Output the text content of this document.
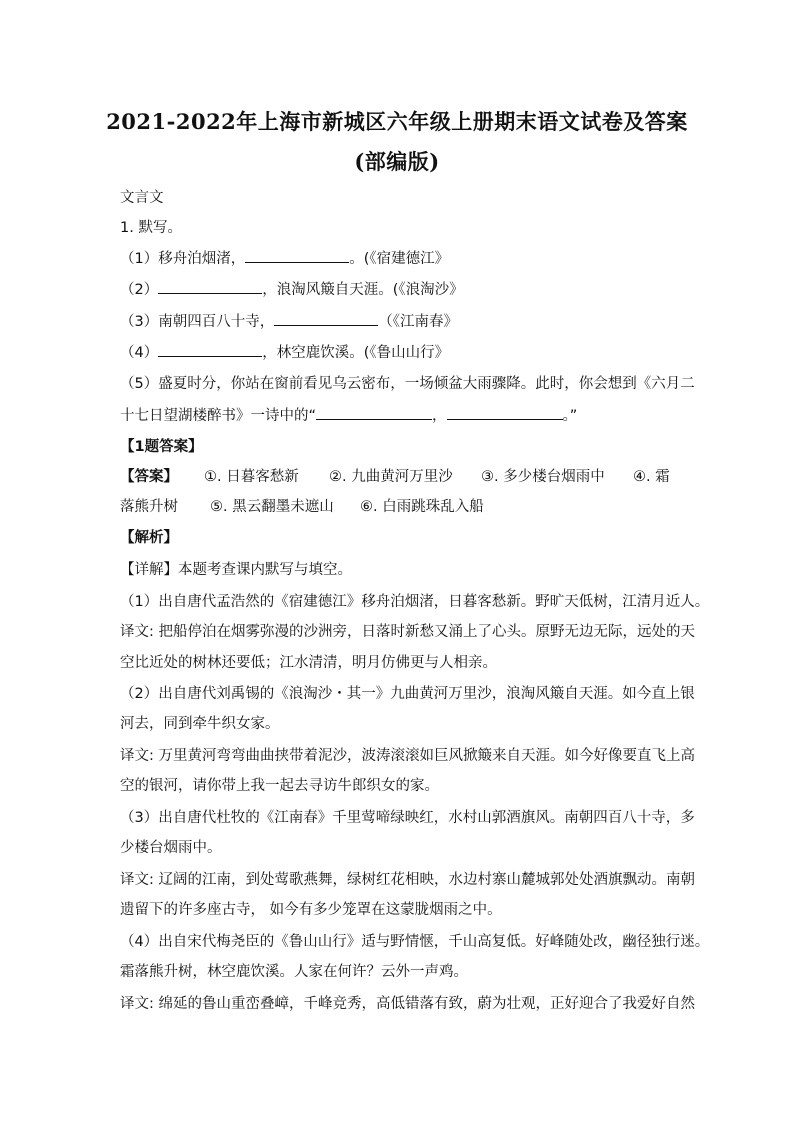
2021-2022年上海市新城区六年级上册期末语文试卷及答案
(部编版)
文言文
1. 默写。
（1）移舟泊烟渚，	。(《宿建德江》
（2）	，浪淘风簸自天涯。(《浪淘沙》
（3）南朝四百八十寺，	（《江南春》
（4）	，林空鹿饮溪。(《鲁山山行》
（5）盛夏时分，你站在窗前看见乌云密布，一场倾盆大雨骤降。此时，你会想到《六月二
十七日望湖楼醉书》一诗中的“	，	。”
【1题答案】
【答案】 ①. 日暮客愁新 ②. 九曲黄河万里沙 ③. 多少楼台烟雨中 ④. 霜
落熊升树 ⑤. 黑云翻墨未遮山 ⑥. 白雨跳珠乱入船
【解析】
【详解】本题考查课内默写与填空。
（1）出自唐代孟浩然的《宿建德江》移舟泊烟渚，日暮客愁新。野旷天低树，江清月近人。
译文: 把船停泊在烟雾弥漫的沙洲旁，日落时新愁又涌上了心头。原野无边无际，远处的天
空比近处的树林还要低；江水清清，明月仿佛更与人相亲。
（2）出自唐代刘禹锡的《浪淘沙・其一》九曲黄河万里沙，浪淘风簸自天涯。如今直上银
河去，同到牵牛织女家。
译文: 万里黄河弯弯曲曲挟带着泥沙，波涛滚滚如巨风掀簸来自天涯。如今好像要直飞上高
空的银河，请你带上我一起去寻访牛郎织女的家。
（3）出自唐代杜牧的《江南春》千里莺啼绿映红，水村山郭酒旗风。南朝四百八十寺，多
少楼台烟雨中。
译文: 辽阔的江南，到处莺歌燕舞，绿树红花相映，水边村寨山麓城郭处处酒旗飘动。南朝
遗留下的许多座古寺， 如今有多少笼罩在这蒙胧烟雨之中。
（4）出自宋代梅尧臣的《鲁山山行》适与野情惬，千山高复低。好峰随处改，幽径独行迷。
霜落熊升树，林空鹿饮溪。人家在何许？云外一声鸡。
译文: 绵延的鲁山重峦叠嶂，千峰竞秀，高低错落有致，蔚为壮观，正好迎合了我爱好自然
